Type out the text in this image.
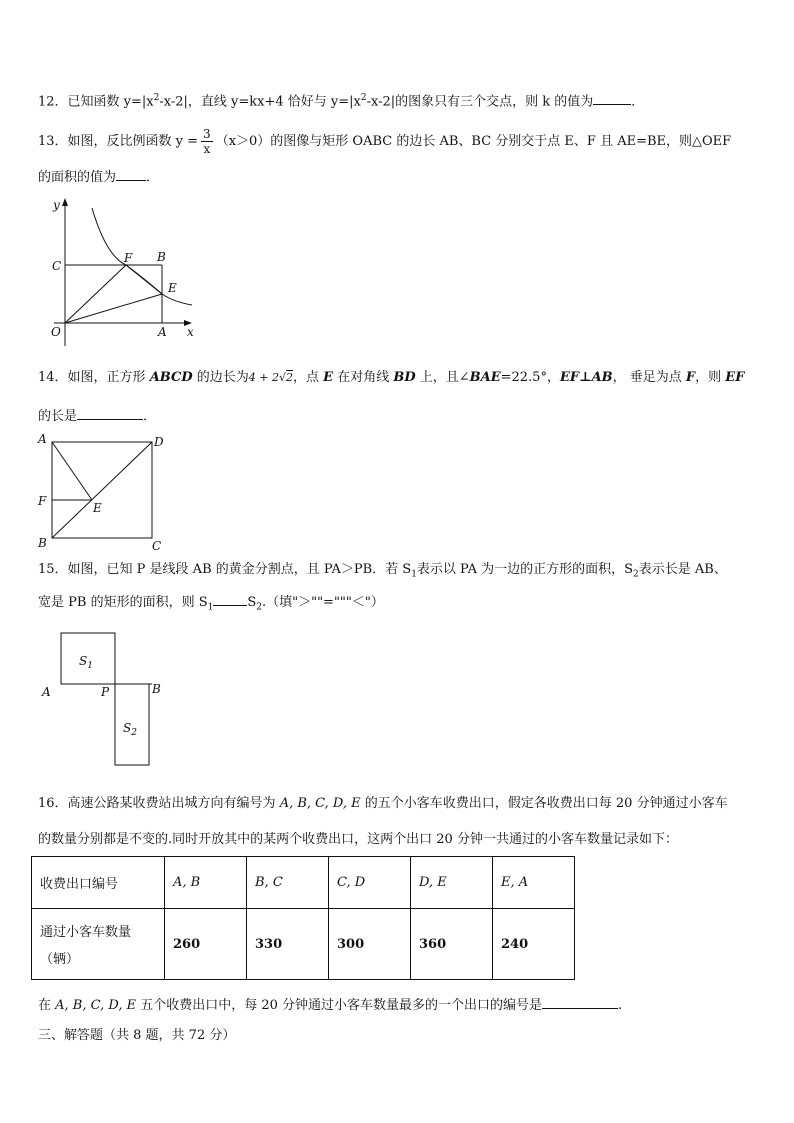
12．已知函数 $y=|x^2-x-2|$，直线 y=kx+4 恰好与 $y=|x^2-x-2|$的图象只有三个交点，则 k 的值为	．
13．如图，反比例函数 $y = \frac{3}{x} (x>0)$的图像与矩形 OABC 的边长 AB、BC 分别交于点 E、F 且 AE=BE，则△OEF
的面积的值为 ．
y
x
O	A
B
C
E
F
14．如图，正方形 ABCD 的边长为4 + 2√2，点 E 在对角线 BD 上，且∠BAE=22.5°，EF⊥AB， 垂足为点 F，则 EF
的长是	．
A
B	C
D
E
F
15．如图，已知 P 是线段 AB 的黄金分割点，且 PA＞PB．若 $S_1$表示以 PA 为一边的正方形的面积，$S_2$表示长是 AB、
宽是 PB 的矩形的面积，则 $S_1$	$S_2$.（填"＞""="""＜"）
$S_1$
$S_2$
A	P	B
16．高速公路某收费站出城方向有编号为 A, B, C, D, E 的五个小客车收费出口，假定各收费出口每 20 分钟通过小客车
的数量分别都是不变的.同时开放其中的某两个收费出口，这两个出口 20 分钟一共通过的小客车数量记录如下：
收费出口编号	A, B	B, C	C, D	D, E	E, A

通过小客车数量
（辆）	260	330	300	360	240
在 A, B, C, D, E 五个收费出口中，每 20 分钟通过小客车数量最多的一个出口的编号是	.
三、解答题（共 8 题，共 72 分）
